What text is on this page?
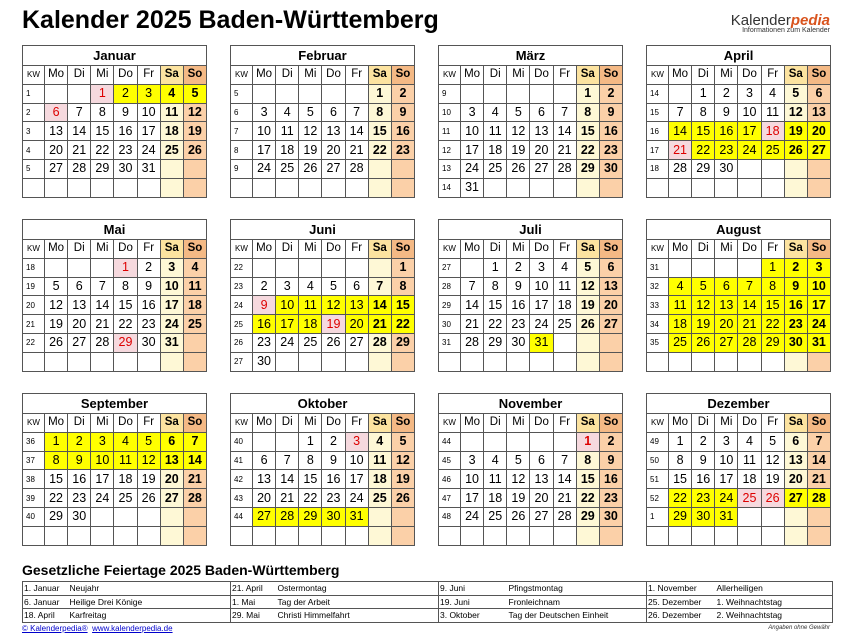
Kalender 2025 Baden-Württemberg	Kalenderpedia
Informationen zum Kalender
Januar							
KW	Mo	Di	Mi	Do	Fr	Sa	So
1			1	2	3	4	5
2	6	7	8	9	10	11	12
3	13	14	15	16	17	18	19
4	20	21	22	23	24	25	26
5	27	28	29	30	31		

Februar							
KW	Mo	Di	Mi	Do	Fr	Sa	So
5						1	2
6	3	4	5	6	7	8	9
7	10	11	12	13	14	15	16
8	17	18	19	20	21	22	23
9	24	25	26	27	28		

März							
KW	Mo	Di	Mi	Do	Fr	Sa	So
9						1	2
10	3	4	5	6	7	8	9
11	10	11	12	13	14	15	16
12	17	18	19	20	21	22	23
13	24	25	26	27	28	29	30
14	31						
April							
KW	Mo	Di	Mi	Do	Fr	Sa	So
14		1	2	3	4	5	6
15	7	8	9	10	11	12	13
16	14	15	16	17	18	19	20
17	21	22	23	24	25	26	27
18	28	29	30				

Mai							
KW	Mo	Di	Mi	Do	Fr	Sa	So
18				1	2	3	4
19	5	6	7	8	9	10	11
20	12	13	14	15	16	17	18
21	19	20	21	22	23	24	25
22	26	27	28	29	30	31	

Juni							
KW	Mo	Di	Mi	Do	Fr	Sa	So
22							1
23	2	3	4	5	6	7	8
24	9	10	11	12	13	14	15
25	16	17	18	19	20	21	22
26	23	24	25	26	27	28	29
27	30						
Juli							
KW	Mo	Di	Mi	Do	Fr	Sa	So
27		1	2	3	4	5	6
28	7	8	9	10	11	12	13
29	14	15	16	17	18	19	20
30	21	22	23	24	25	26	27
31	28	29	30	31			

August							
KW	Mo	Di	Mi	Do	Fr	Sa	So
31					1	2	3
32	4	5	6	7	8	9	10
33	11	12	13	14	15	16	17
34	18	19	20	21	22	23	24
35	25	26	27	28	29	30	31

September							
KW	Mo	Di	Mi	Do	Fr	Sa	So
36	1	2	3	4	5	6	7
37	8	9	10	11	12	13	14
38	15	16	17	18	19	20	21
39	22	23	24	25	26	27	28
40	29	30					

Oktober							
KW	Mo	Di	Mi	Do	Fr	Sa	So
40			1	2	3	4	5
41	6	7	8	9	10	11	12
42	13	14	15	16	17	18	19
43	20	21	22	23	24	25	26
44	27	28	29	30	31		

November							
KW	Mo	Di	Mi	Do	Fr	Sa	So
44						1	2
45	3	4	5	6	7	8	9
46	10	11	12	13	14	15	16
47	17	18	19	20	21	22	23
48	24	25	26	27	28	29	30

Dezember							
KW	Mo	Di	Mi	Do	Fr	Sa	So
49	1	2	3	4	5	6	7
50	8	9	10	11	12	13	14
51	15	16	17	18	19	20	21
52	22	23	24	25	26	27	28
1	29	30	31				

Gesetzliche Feiertage 2025 Baden-Württemberg
1. Januar	Neujahr	21. April	Ostermontag	9. Juni	Pfingstmontag	1. November	Allerheiligen
6. Januar	Heilige Drei Könige	1. Mai	Tag der Arbeit	19. Juni	Fronleichnam	25. Dezember	1. Weihnachtstag
18. April	Karfreitag	29. Mai	Christi Himmelfahrt	3. Oktober	Tag der Deutschen Einheit	26. Dezember	2. Weihnachtstag
© Kalenderpedia® www.kalenderpedia.de	Angaben ohne Gewähr
